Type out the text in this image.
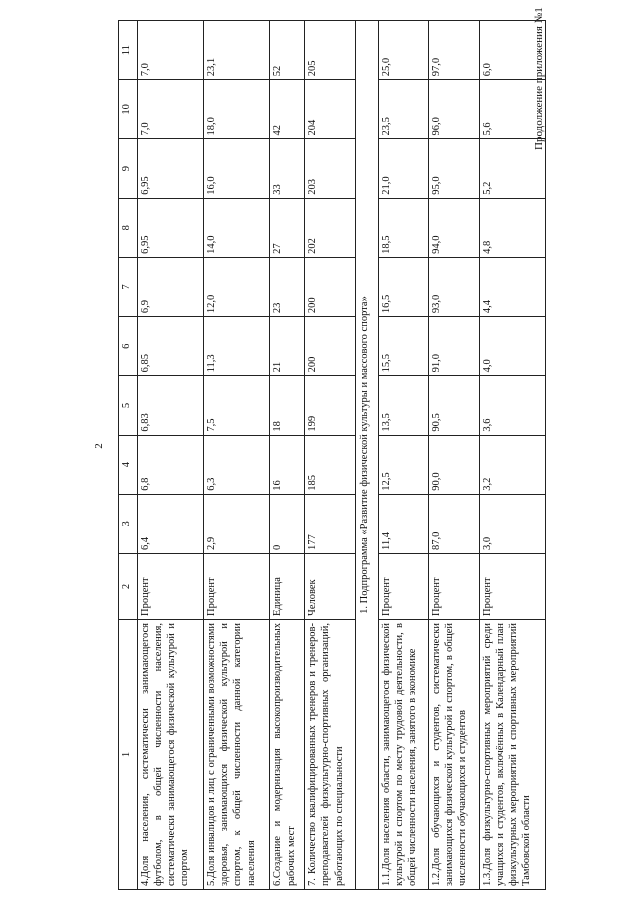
2
Продолжение приложения №1
1	2	3	4	5	6	7	8	9	10	11
4.Доля населения, систематически занимающегося футболом, в общей численности населения, систематически занимающегося физической культурой и спортом	Процент	6,4	6,8	6,83	6,85	6,9	6,95	6,95	7,0	7,0
5.Доля инвалидов и лиц с ограниченными возможностями здоровья, занимающихся физической культурой и спортом, к общей численности данной категории населения	Процент	2,9	6,3	7,5	11,3	12,0	14,0	16,0	18,0	23,1
6.Создание и модернизация высокопроизводительных рабочих мест	Единица	0	16	18	21	23	27	33	42	52
7. Количество квалифицированных тренеров и тренеров-преподавателей физкультурно-спортивных организаций, работающих по специальности	Человек	177	185	199	200	200	202	203	204	205
1. Подпрограмма «Развитие физической культуры и массового спорта»										
1.1.Доля населения области, занимающегося физической культурой и спортом по месту трудовой деятельности, в общей численности населения, занятого в экономике	Процент	11,4	12,5	13,5	15,5	16,5	18,5	21,0	23,5	25,0
1.2.Доля обучающихся и студентов, систематически занимающихся физической культурой и спортом, в общей численности обучающихся и студентов	Процент	87,0	90,0	90,5	91,0	93,0	94,0	95,0	96,0	97,0
1.3.Доля физкультурно-спортивных мероприятий среди учащихся и студентов, включённых в Календарный план физкультурных мероприятий и спортивных мероприятий Тамбовской области	Процент	3,0	3,2	3,6	4,0	4,4	4,8	5,2	5,6	6,0
